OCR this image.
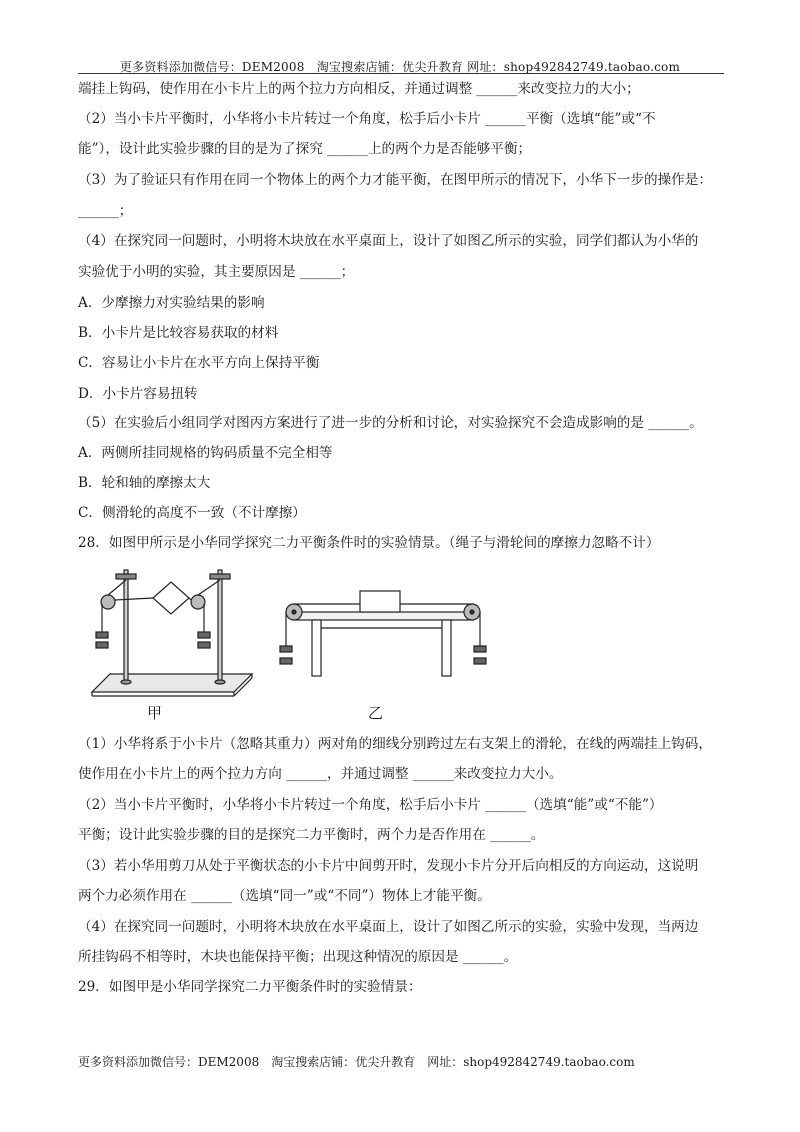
更多资料添加微信号：DEM2008　淘宝搜索店铺：优尖升教育 网址：shop492842749.taobao.com
端挂上钩码，使作用在小卡片上的两个拉力方向相反，并通过调整 ______来改变拉力的大小；
（2）当小卡片平衡时，小华将小卡片转过一个角度，松手后小卡片 ______平衡（选填“能”或“不
能”），设计此实验步骤的目的是为了探究 ______上的两个力是否能够平衡；
（3）为了验证只有作用在同一个物体上的两个力才能平衡，在图甲所示的情况下，小华下一步的操作是：
______；
（4）在探究同一问题时，小明将木块放在水平桌面上，设计了如图乙所示的实验，同学们都认为小华的
实验优于小明的实验，其主要原因是 ______；
A．少摩擦力对实验结果的影响
B．小卡片是比较容易获取的材料
C．容易让小卡片在水平方向上保持平衡
D．小卡片容易扭转
（5）在实验后小组同学对图丙方案进行了进一步的分析和讨论，对实验探究不会造成影响的是 ______。
A．两侧所挂同规格的钩码质量不完全相等
B．轮和轴的摩擦太大
C．侧滑轮的高度不一致（不计摩擦）
28．如图甲所示是小华同学探究二力平衡条件时的实验情景。（绳子与滑轮间的摩擦力忽略不计）
甲	乙
（1）小华将系于小卡片（忽略其重力）两对角的细线分别跨过左右支架上的滑轮，在线的两端挂上钩码，
使作用在小卡片上的两个拉力方向 ______，并通过调整 ______来改变拉力大小。
（2）当小卡片平衡时，小华将小卡片转过一个角度，松手后小卡片 ______（选填“能”或“不能”）
平衡；设计此实验步骤的目的是探究二力平衡时，两个力是否作用在 ______。
（3）若小华用剪刀从处于平衡状态的小卡片中间剪开时，发现小卡片分开后向相反的方向运动，这说明
两个力必须作用在 ______（选填“同一”或“不同”）物体上才能平衡。
（4）在探究同一问题时，小明将木块放在水平桌面上，设计了如图乙所示的实验，实验中发现，当两边
所挂钩码不相等时，木块也能保持平衡；出现这种情况的原因是 ______。
29．如图甲是小华同学探究二力平衡条件时的实验情景：
更多资料添加微信号：DEM2008　淘宝搜索店铺：优尖升教育　网址：shop492842749.taobao.com
